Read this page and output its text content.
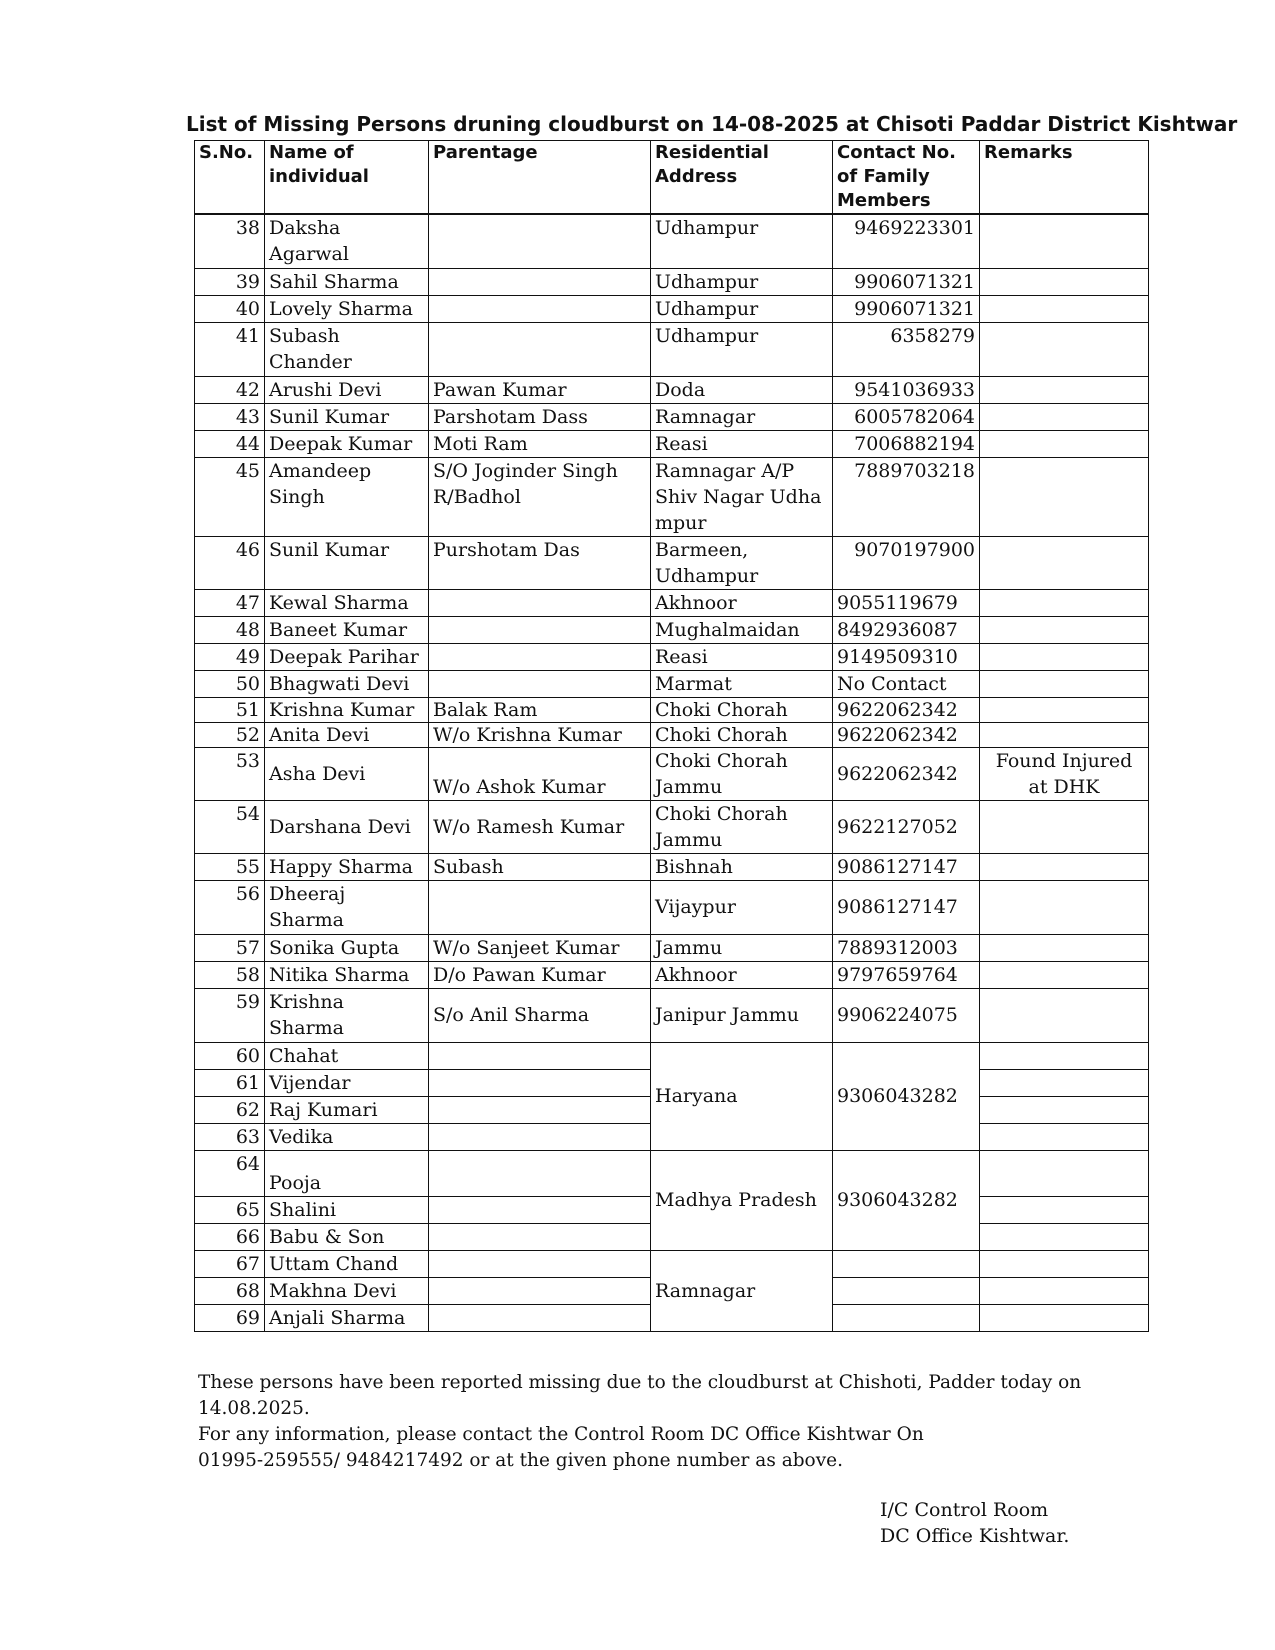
List of Missing Persons druning cloudburst on 14-08-2025 at Chisoti Paddar District Kishtwar
S.No.	Name of individual	Parentage	Residential Address	Contact No. of Family Members	Remarks
38	Daksha Agarwal		Udhampur	9469223301	
39	Sahil Sharma		Udhampur	9906071321	
40	Lovely Sharma		Udhampur	9906071321	
41	Subash Chander		Udhampur	6358279	
42	Arushi Devi	Pawan Kumar	Doda	9541036933	
43	Sunil Kumar	Parshotam Dass	Ramnagar	6005782064	
44	Deepak Kumar	Moti Ram	Reasi	7006882194	
45	Amandeep Singh	S/O Joginder Singh R/Badhol	Ramnagar A/P Shiv Nagar Udha mpur	7889703218	
46	Sunil Kumar	Purshotam Das	Barmeen, Udhampur	9070197900	
47	Kewal Sharma		Akhnoor	9055119679	
48	Baneet Kumar		Mughalmaidan	8492936087	
49	Deepak Parihar		Reasi	9149509310	
50	Bhagwati Devi		Marmat	No Contact	
51	Krishna Kumar	Balak Ram	Choki Chorah	9622062342	
52	Anita Devi	W/o Krishna Kumar	Choki Chorah	9622062342	
53	Asha Devi	W/o Ashok Kumar	Choki Chorah Jammu	9622062342	Found Injured at DHK
54	Darshana Devi	W/o Ramesh Kumar	Choki Chorah Jammu	9622127052	
55	Happy Sharma	Subash	Bishnah	9086127147	
56	Dheeraj Sharma		Vijaypur	9086127147	
57	Sonika Gupta	W/o Sanjeet Kumar	Jammu	7889312003	
58	Nitika Sharma	D/o Pawan Kumar	Akhnoor	9797659764	
59	Krishna Sharma	S/o Anil Sharma	Janipur Jammu	9906224075	
60	Chahat		Haryana	9306043282	
61	Vijendar				
62	Raj Kumari				
63	Vedika				
64	Pooja		Madhya Pradesh	9306043282	
65	Shalini				
66	Babu & Son				
67	Uttam Chand		Ramnagar		
68	Makhna Devi				
69	Anjali Sharma				
These persons have been reported missing due to the cloudburst at Chishoti, Padder today on 14.08.2025.
For any information, please contact the Control Room DC Office Kishtwar On
01995-259555/ 9484217492 or at the given phone number as above.
I/C Control Room
DC Office Kishtwar.
